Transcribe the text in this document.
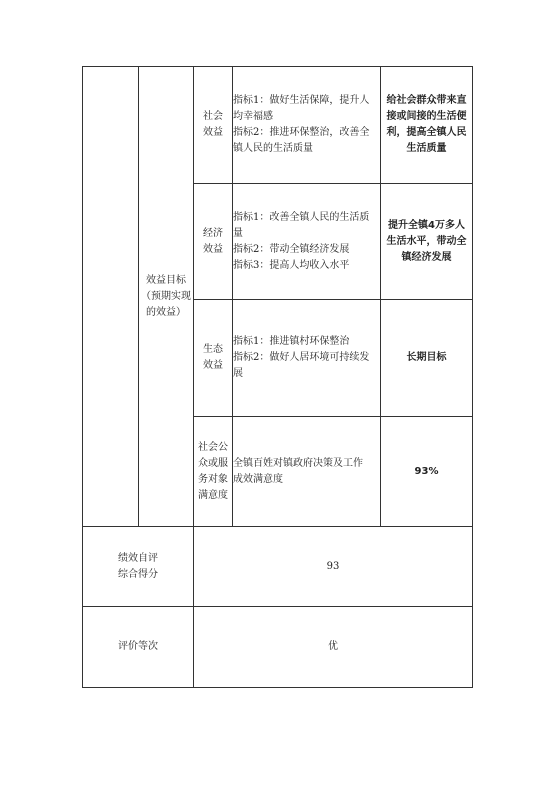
	效益目标
（预期实现
的效益）	社会
效益	指标1：做好生活保障，提升人
均幸福感
指标2：推进环保整治，改善全
镇人民的生活质量	给社会群众带来直
接或间接的生活便
利，提高全镇人民
生活质量

		经济
效益	指标1：改善全镇人民的生活质
量
指标2：带动全镇经济发展
指标3：提高人均收入水平	提升全镇4万多人
生活水平，带动全
镇经济发展

		生态
效益	指标1：推进镇村环保整治
指标2：做好人居环境可持续发
展	长期目标

		社会公
众或服
务对象
满意度	全镇百姓对镇政府决策及工作
成效满意度	93%

绩效自评
综合得分		93		
评价等次		优		
